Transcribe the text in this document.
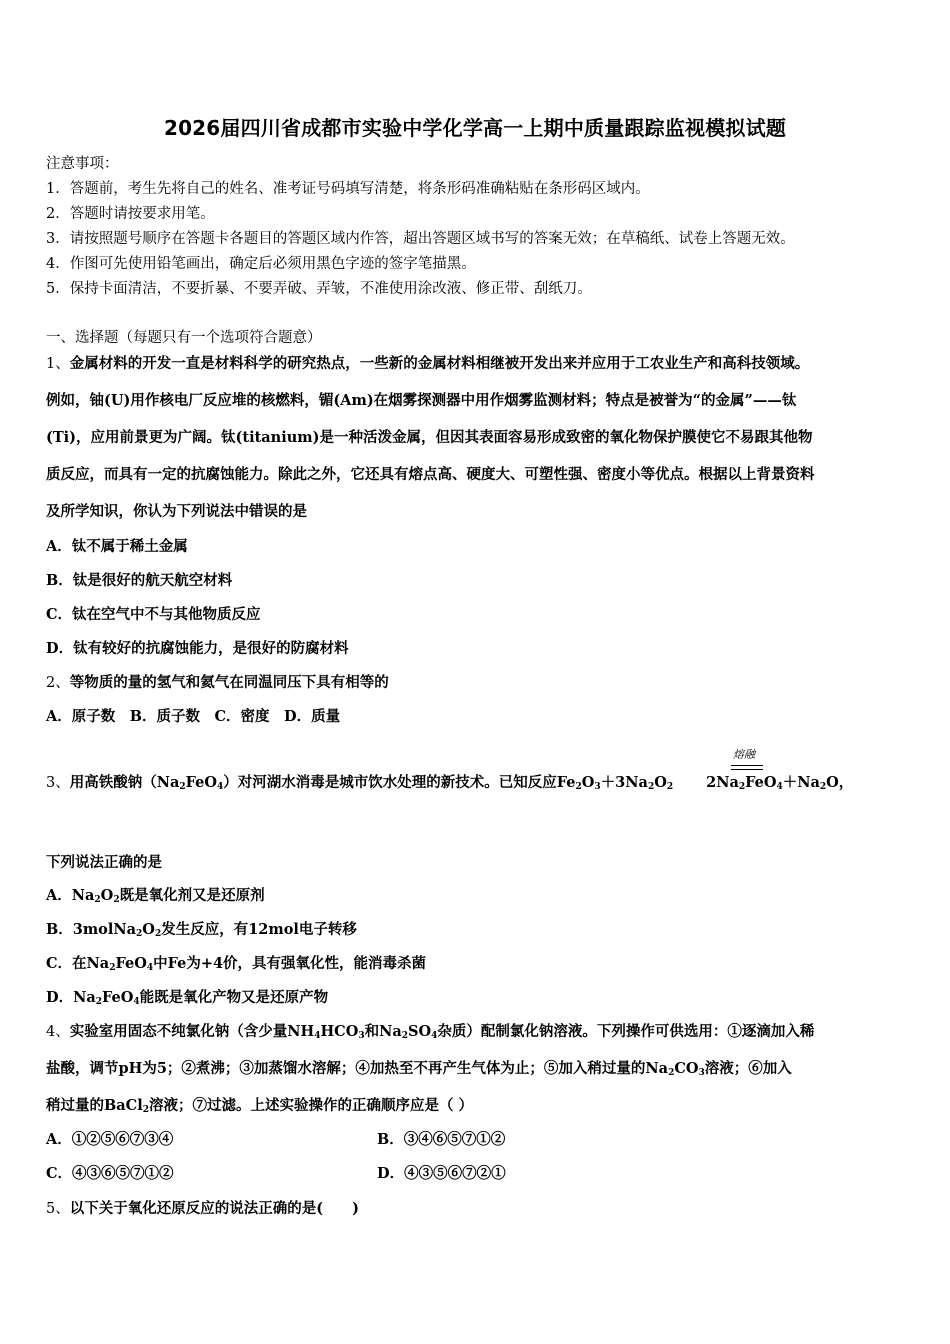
2026届四川省成都市实验中学化学高一上期中质量跟踪监视模拟试题
注意事项：
1．答题前，考生先将自己的姓名、准考证号码填写清楚，将条形码准确粘贴在条形码区域内。
2．答题时请按要求用笔。
3．请按照题号顺序在答题卡各题目的答题区域内作答，超出答题区域书写的答案无效；在草稿纸、试卷上答题无效。
4．作图可先使用铅笔画出，确定后必须用黑色字迹的签字笔描黑。
5．保持卡面清洁，不要折暴、不要弄破、弄皱，不准使用涂改液、修正带、刮纸刀。
一、选择题（每题只有一个选项符合题意）
1、金属材料的开发一直是材料科学的研究热点，一些新的金属材料相继被开发出来并应用于工农业生产和高科技领域。
例如，铀(U)用作核电厂反应堆的核燃料，镅(Am)在烟雾探测器中用作烟雾监测材料；特点是被誉为“的金属”——钛
(Ti)，应用前景更为广阔。钛(titanium)是一种活泼金属，但因其表面容易形成致密的氧化物保护膜使它不易跟其他物
质反应，而具有一定的抗腐蚀能力。除此之外，它还具有熔点高、硬度大、可塑性强、密度小等优点。根据以上背景资料
及所学知识，你认为下列说法中错误的是
A．钛不属于稀土金属
B．钛是很好的航天航空材料
C．钛在空气中不与其他物质反应
D．钛有较好的抗腐蚀能力，是很好的防腐材料
2、等物质的量的氢气和氦气在同温同压下具有相等的
A．原子数　B．质子数　C．密度　D．质量
熔融
3、用高铁酸钠$(Na_2FeO_4)$对河湖水消毒是城市饮水处理的新技术。已知反应$Fe_2O_3+3Na_2O_2$ $2Na_2FeO_4+Na_2O$，
下列说法正确的是
A．$Na_2O_2$既是氧化剂又是还原剂
B．$3molNa_2O_2$发生反应，有12mol电子转移
C．在$Na_2FeO_4$中Fe为+4价，具有强氧化性，能消毒杀菌
D．$Na_2FeO_4$能既是氧化产物又是还原产物
4、实验室用固态不纯氯化钠（含少量$NH_4HCO_3$和$Na_2SO_4$杂质）配制氯化钠溶液。下列操作可供选用：①逐滴加入稀
盐酸，调节pH为5；②煮沸；③加蒸馏水溶解；④加热至不再产生气体为止；⑤加入稍过量的$Na_2CO_3$溶液；⑥加入
稍过量的BaCl$_2$溶液；⑦过滤。上述实验操作的正确顺序应是（ ）
A．①②⑤⑥⑦③④	B．③④⑥⑤⑦①②
C．④③⑥⑤⑦①②	D．④③⑤⑥⑦②①
5、以下关于氧化还原反应的说法正确的是(　　)
